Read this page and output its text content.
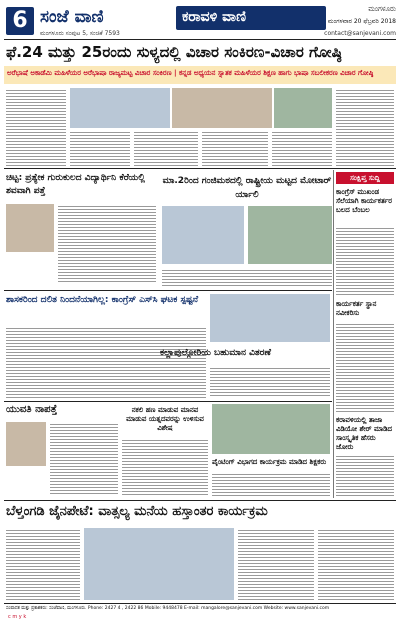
6 ಸಂಜೆ ವಾಣಿ	ಕರಾವಳಿ ವಾಣಿ	ಮಂಗಳೂರು
ಮಂಗಳವಾರ 20 ಫೆಬ್ರವರಿ 2018
ಮಂಗಳೂರು ಸಂಪುಟ 5, ಸಂಚಿಕೆ 7593	contact@sanjevani.com
ಫೆ.24 ಮತ್ತು 25ರಂದು ಸುಳ್ಯದಲ್ಲಿ ವಿಚಾರ ಸಂಕಿರಣ-ವಿಚಾರ ಗೋಷ್ಠಿ
ಅರೆಭಾಷೆ ಅಕಾಡೆಮಿ ಮಹಿಳೆಯರ ಅರೆಭಾಷಾ ರಾಜ್ಯಮಟ್ಟ ವಿಚಾರ ಸಂಕಿರಣ | ಕನ್ನಡ ಅಧ್ಯಯನ ಸ್ನಾತಕ ಮಹಿಳೆಯರ ಶಿಕ್ಷಣ ಹಾಗು ಭಾಷಾ ಸಬಲೀಕರಣ ವಿಚಾರ ಗೋಷ್ಠಿ
ಚಿಟ್ಟ: ಪ್ರತ್ಯೇಕ ಗುರುಕುಲದ ವಿದ್ಯಾರ್ಥಿನಿ ಕೆರೆಯಲ್ಲಿ ಶವವಾಗಿ ಪತ್ತೆ
ಮಾ.2ರಿಂದ ಗಂಜಿಮಠದಲ್ಲಿ ರಾಷ್ಟ್ರೀಯ ಮಟ್ಟದ ಮೋಟಾರ್ ರ್ಯಾಲಿ
ಸಂಕ್ಷಿಪ್ತ ಸುದ್ದಿ
ಕಾಂಗ್ರೆಸ್ ಮುಖಂಡ ಸೆಲೆಯಾಗಿ ಕಾರ್ಯಕರ್ತರ ಬಲದ ಬೆಂಬಲ
ಕಾರ್ಯಕರ್ತ ಸ್ಥಾನ ನವೀಕರಿಸು
ಕರಾವಳಿಯಲ್ಲಿ ತಾಜಾ ವಿಡಿಯೋ ಶೇರ್ ಮಾಡಿದ ಸಾಂಸ್ಕೃತಿಕ ಹೆಸರು ಜೋರು
ಶಾಸಕರಿಂದ ದಲಿತ ನಿಂದನೆಯಾಗಿಲ್ಲ: ಕಾಂಗ್ರೆಸ್ ಎಸ್‌ಸಿ ಘಟಕ ಸ್ಪಷ್ಟನೆ
ಕಲ್ಲಾಪುಲ್ಗೋರಿಯ ಬಹುಮಾನ ವಿತರಣೆ
ಯುವತಿ ನಾಪತ್ತೆ	ನಕಲಿ ಹಣ ಮಾಡುವ ಮಾನವ ಮಾಡುವ ಯತ್ನದವರನ್ನು ಉಳಿಸುವ ವಿಶೇಷ
ಪೈಂಟಿಂಗ್ ವಿಭಾಗದ ಕಾರ್ಯಕ್ರಮ ಮಾಡಿದ ಶಿಕ್ಷಕರು
ಬೆಳ್ತಂಗಡಿ ಜೈನಪೇಟೆ: ವಾತ್ಸಲ್ಯ ಮನೆಯ ಹಸ್ತಾಂತರ ಕಾರ್ಯಕ್ರಮ
ಸಂಪಾದಕ ಮತ್ತು ಪ್ರಕಾಶಕರು: ಸಂಜೆವಾಣಿ, ಮಂಗಳೂರು. Phone: 2427 4 , 2422 86 Mobile: 9448478 E-mail: mangalore@sanjevani.com Website: www.sanjevani.com
c m y k
